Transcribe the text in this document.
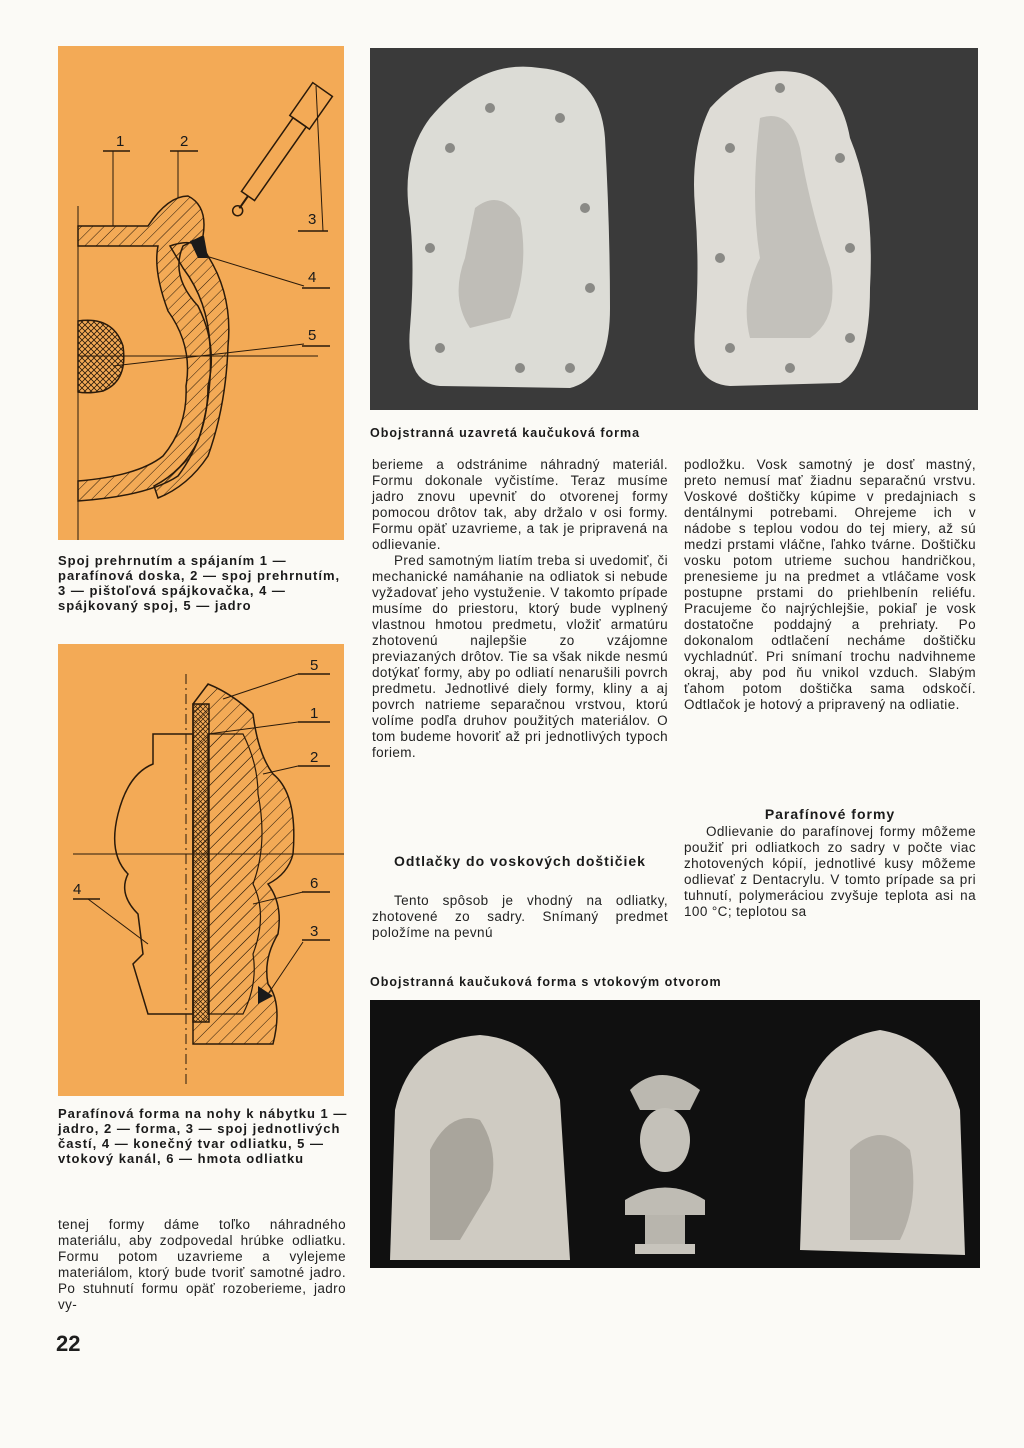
1	2
3
4
5

Spoj prehrnutím a spájaním 1 — parafínová doska, 2 — spoj prehrnutím, 3 — pištoľová spájkovačka, 4 — spájkovaný spoj, 5 — jadro

Obojstranná uzavretá kaučuková forma

5
1
2
4	6
3

Parafínová forma na nohy k nábytku 1 — jadro, 2 — forma, 3 — spoj jednotlivých častí, 4 — konečný tvar odliatku, 5 — vtokový kanál, 6 — hmota odliatku

berieme a odstránime náhradný materiál. Formu dokonale vyčistíme. Teraz musíme jadro znovu upevniť do otvorenej formy pomocou drôtov tak, aby držalo v osi formy. Formu opäť uzavrieme, a tak je pripravená na odlievanie.

Pred samotným liatím treba si uvedomiť, či mechanické namáhanie na odliatok si nebude vyžadovať jeho vystuženie. V takomto prípade musíme do priestoru, ktorý bude vyplnený vlastnou hmotou predmetu, vložiť armatúru zhotovenú najlepšie zo vzájomne previazaných drôtov. Tie sa však nikde nesmú dotýkať formy, aby po odliatí nenarušili povrch predmetu. Jednotlivé diely formy, kliny a aj povrch natrieme separačnou vrstvou, ktorú volíme podľa druhov použitých materiálov. O tom budeme hovoriť až pri jednotlivých typoch foriem.

Odtlačky do voskových doštičiek

Tento spôsob je vhodný na odliatky, zhotovené zo sadry. Snímaný predmet položíme na pevnú

podložku. Vosk samotný je dosť mastný, preto nemusí mať žiadnu separačnú vrstvu. Voskové doštičky kúpime v predajniach s dentálnymi potrebami. Ohrejeme ich v nádobe s teplou vodou do tej miery, až sú medzi prstami vláčne, ľahko tvárne. Doštičku vosku potom utrieme suchou handričkou, prenesieme ju na predmet a vtláčame vosk postupne prstami do priehlbenín reliéfu. Pracujeme čo najrýchlejšie, pokiaľ je vosk dostatočne poddajný a prehriaty. Po dokonalom odtlačení necháme doštičku vychladnúť. Pri snímaní trochu nadvihneme okraj, aby pod ňu vnikol vzduch. Slabým ťahom potom doštička sama odskočí. Odtlačok je hotový a pripravený na odliatie.

Parafínové formy

Odlievanie do parafínovej formy môžeme použiť pri odliatkoch zo sadry v počte viac zhotovených kópií, jednotlivé kusy môžeme odlievať z Dentacrylu. V tomto prípade sa pri tuhnutí, polymeráciou zvyšuje teplota asi na 100 °C; teplotou sa

Obojstranná kaučuková forma s vtokovým otvorom

tenej formy dáme toľko náhradného materiálu, aby zodpovedal hrúbke odliatku. Formu potom uzavrieme a vylejeme materiálom, ktorý bude tvoriť samotné jadro. Po stuhnutí formu opäť rozoberieme, jadro vy-

22
